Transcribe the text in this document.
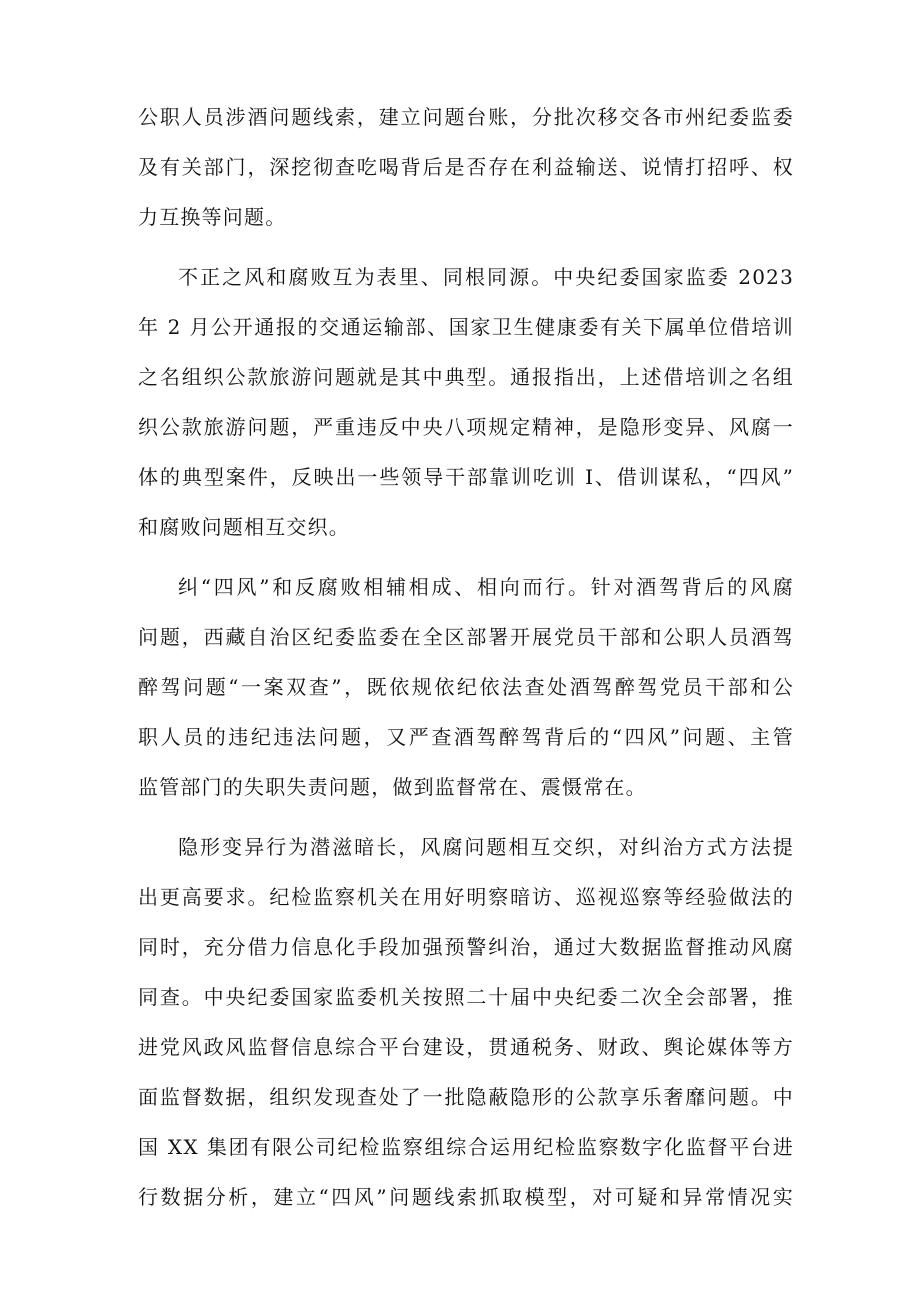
公职人员涉酒问题线索，建立问题台账，分批次移交各市州纪委监委
及有关部门，深挖彻查吃喝背后是否存在利益输送、说情打招呼、权
力互换等问题。
不正之风和腐败互为表里、同根同源。中央纪委国家监委 2023
年 2 月公开通报的交通运输部、国家卫生健康委有关下属单位借培训
之名组织公款旅游问题就是其中典型。通报指出，上述借培训之名组
织公款旅游问题，严重违反中央八项规定精神，是隐形变异、风腐一
体的典型案件，反映出一些领导干部靠训吃训 I、借训谋私，“四风”
和腐败问题相互交织。
纠“四风”和反腐败相辅相成、相向而行。针对酒驾背后的风腐
问题，西藏自治区纪委监委在全区部署开展党员干部和公职人员酒驾
醉驾问题“一案双查”，既依规依纪依法查处酒驾醉驾党员干部和公
职人员的违纪违法问题，又严查酒驾醉驾背后的“四风”问题、主管
监管部门的失职失责问题，做到监督常在、震慑常在。
隐形变异行为潜滋暗长，风腐问题相互交织，对纠治方式方法提
出更高要求。纪检监察机关在用好明察暗访、巡视巡察等经验做法的
同时，充分借力信息化手段加强预警纠治，通过大数据监督推动风腐
同查。中央纪委国家监委机关按照二十届中央纪委二次全会部署，推
进党风政风监督信息综合平台建设，贯通税务、财政、舆论媒体等方
面监督数据，组织发现查处了一批隐蔽隐形的公款享乐奢靡问题。中
国 XX 集团有限公司纪检监察组综合运用纪检监察数字化监督平台进
行数据分析，建立“四风”问题线索抓取模型，对可疑和异常情况实
